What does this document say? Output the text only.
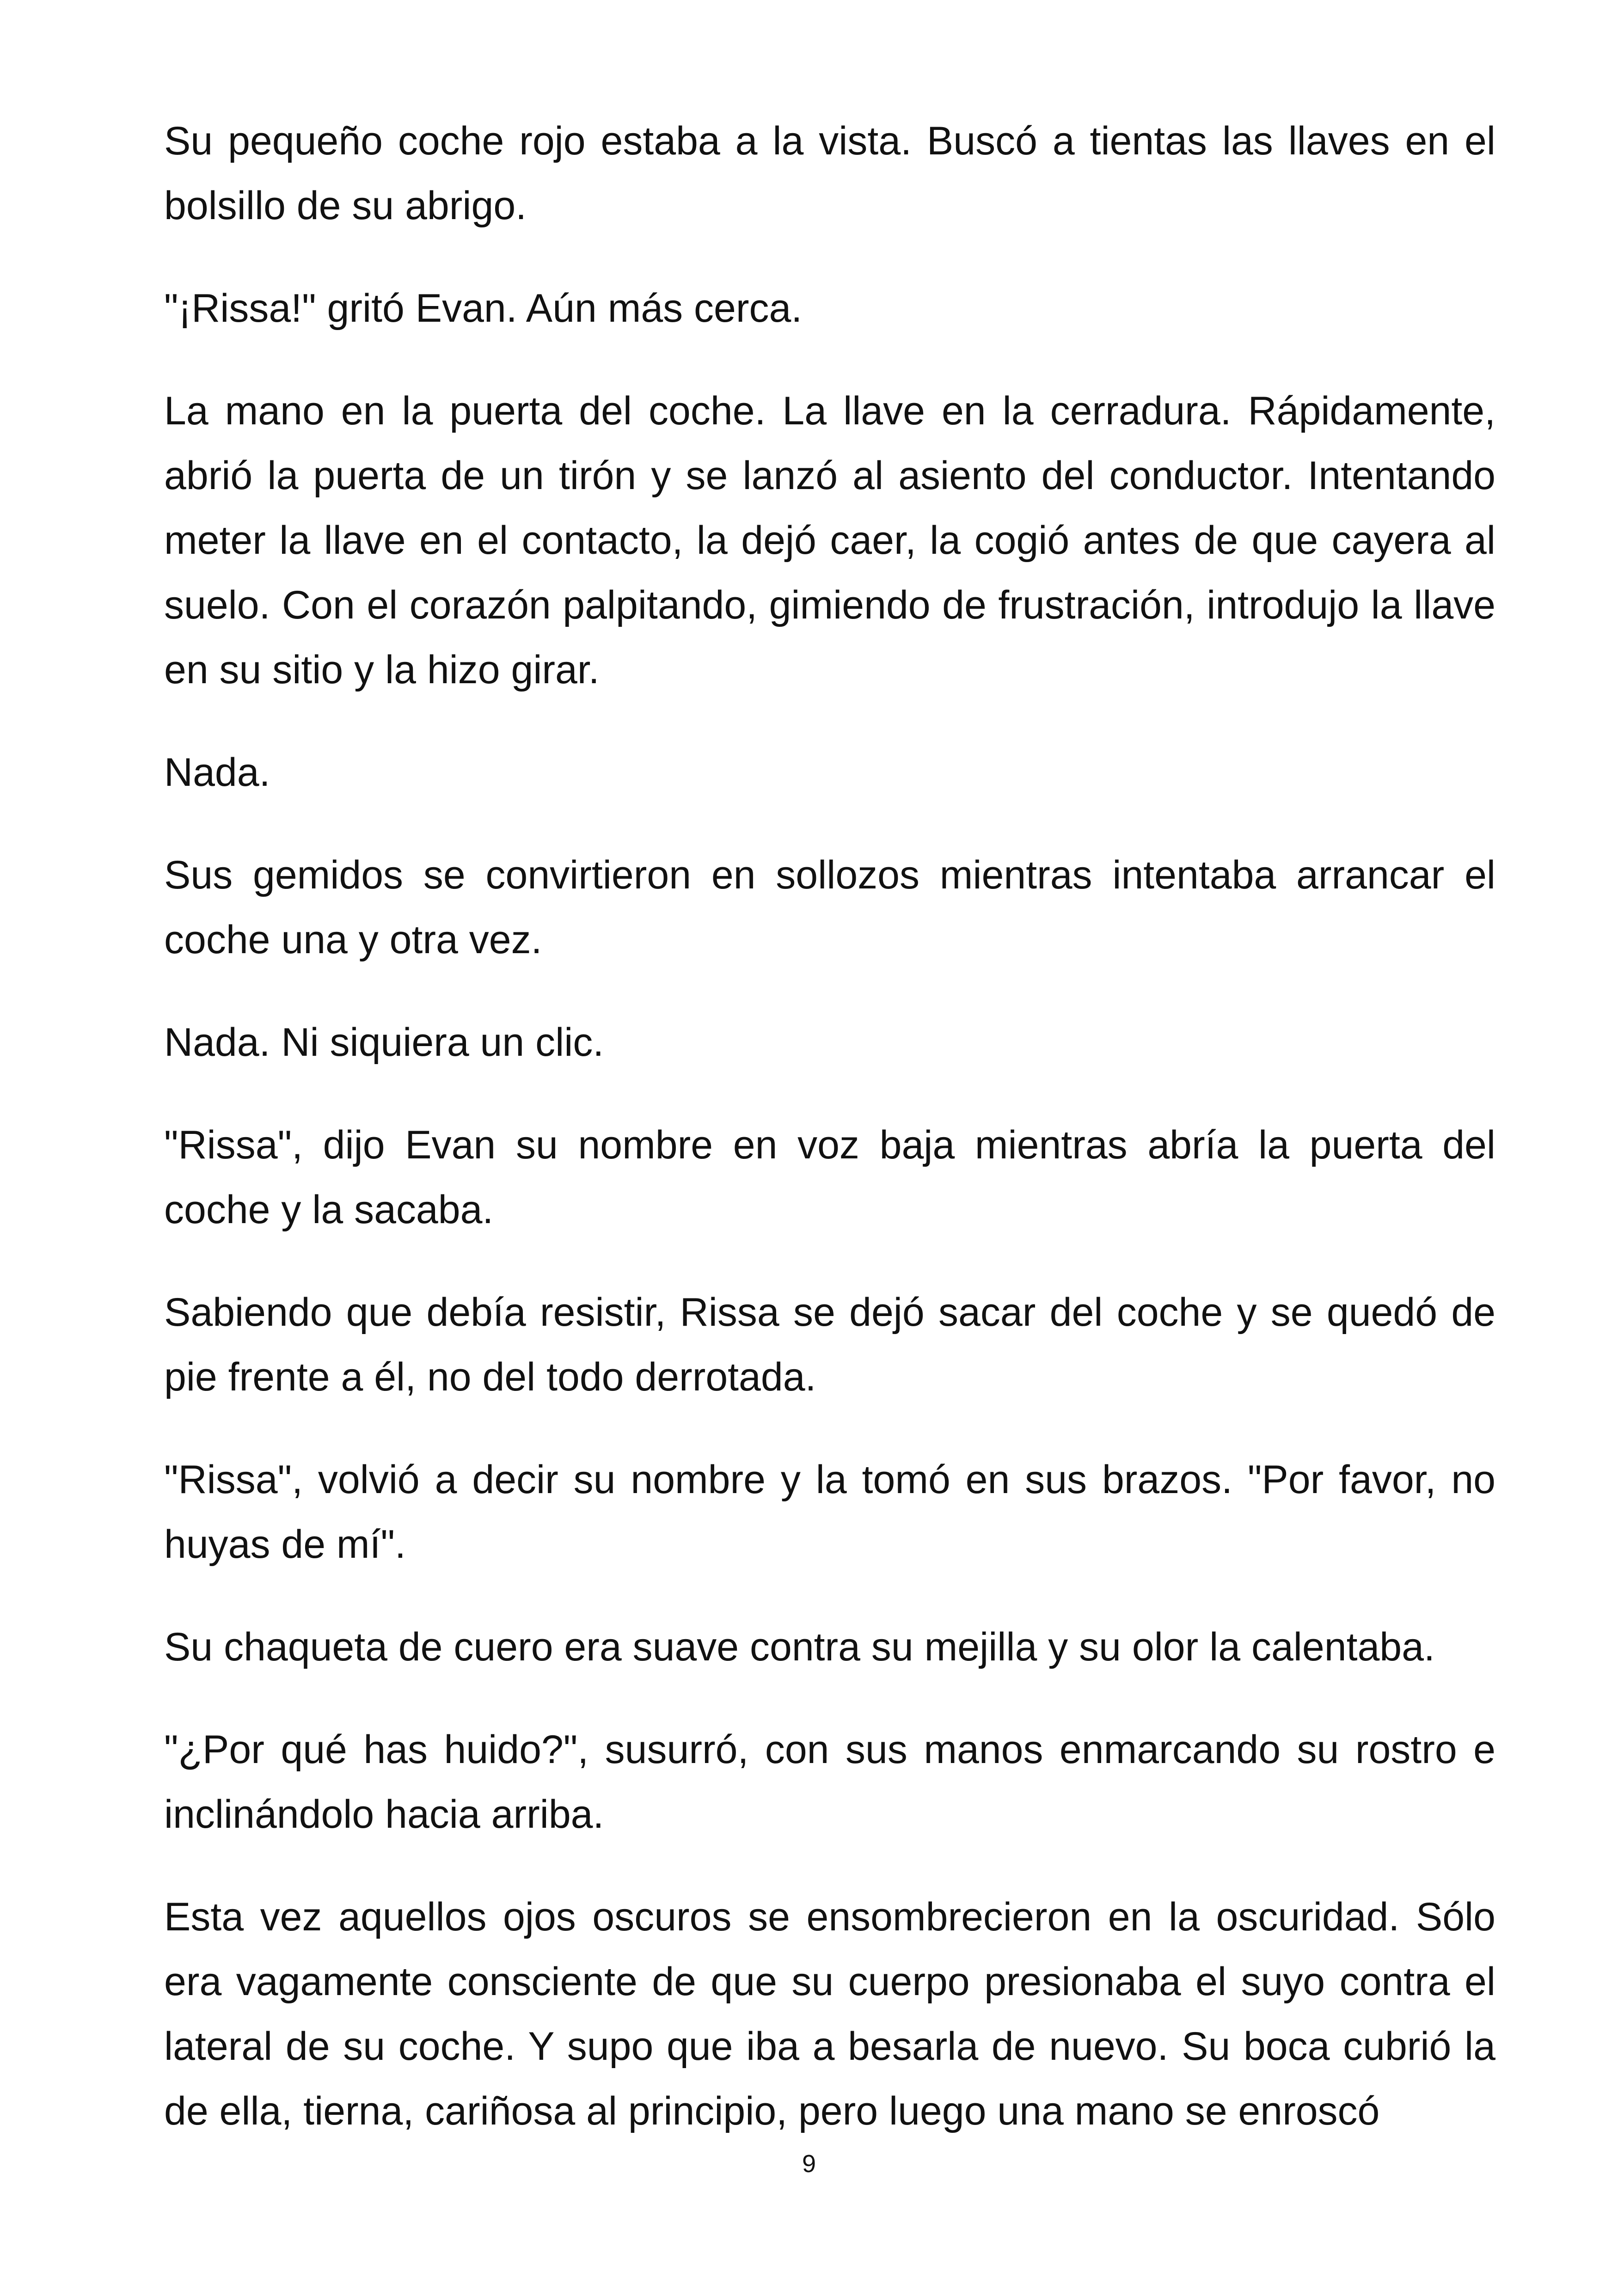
Su pequeño coche rojo estaba a la vista. Buscó a tientas las llaves en el bolsillo de su abrigo.

"¡Rissa!" gritó Evan. Aún más cerca.

La mano en la puerta del coche. La llave en la cerradura. Rápidamente, abrió la puerta de un tirón y se lanzó al asiento del conductor. Intentando meter la llave en el contacto, la dejó caer, la cogió antes de que cayera al suelo. Con el corazón palpitando, gimiendo de frustración, introdujo la llave en su sitio y la hizo girar.

Nada.

Sus gemidos se convirtieron en sollozos mientras intentaba arrancar el coche una y otra vez.

Nada. Ni siquiera un clic.

"Rissa", dijo Evan su nombre en voz baja mientras abría la puerta del coche y la sacaba.

Sabiendo que debía resistir, Rissa se dejó sacar del coche y se quedó de pie frente a él, no del todo derrotada.

"Rissa", volvió a decir su nombre y la tomó en sus brazos. "Por favor, no huyas de mí".

Su chaqueta de cuero era suave contra su mejilla y su olor la calentaba.

"¿Por qué has huido?", susurró, con sus manos enmarcando su rostro e inclinándolo hacia arriba.

Esta vez aquellos ojos oscuros se ensombrecieron en la oscuridad. Sólo era vagamente consciente de que su cuerpo presionaba el suyo contra el lateral de su coche. Y supo que iba a besarla de nuevo. Su boca cubrió la de ella, tierna, cariñosa al principio, pero luego una mano se enroscó

9
